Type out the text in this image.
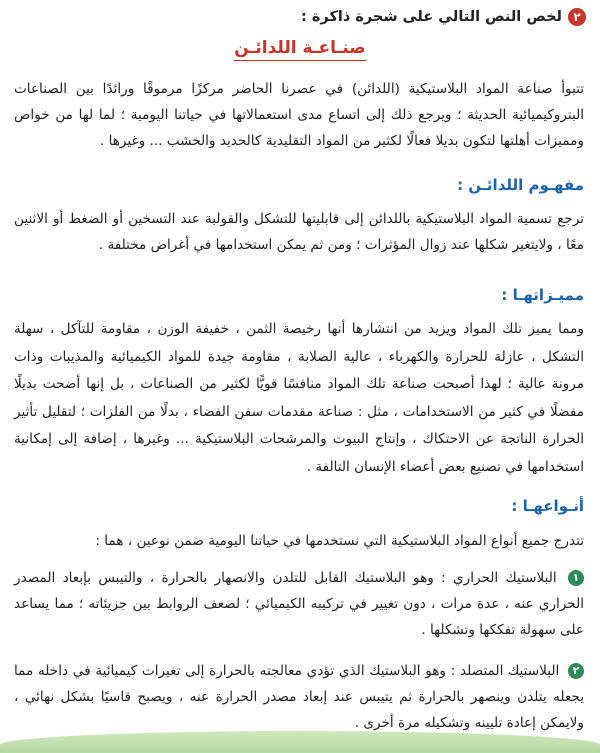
٢
لخص النص التالي على شجرة ذاكرة :
صنـاعـة اللدائـن
تتبوأ صناعة المواد البلاستيكية (اللدائن) في عصرنا الحاضر مركزًا مرموقًا ورائدًا بين الصناعات البتروكيميائية الحديثة ؛ ويرجع ذلك إلى اتساع مدى استعمالاتها في حياتنا اليومية ؛ لما لها من خواص ومميزات أهلتها لتكون بديلا فعالًا لكثير من المواد التقليدية كالحديد والخشب ... وغيرها .
مفهـوم اللدائـن :
ترجع تسمية المواد البلاستيكية باللدائن إلى قابليتها للتشكل والقولبة عند التسخين أو الضغط أو الاثنين معًا ، ولايتغير شكلها عند زوال المؤثرات ؛ ومن ثم يمكن استخدامها في أغراض مختلفة .
مميـزاتهـا :
ومما يميز تلك المواد ويزيد من انتشارها أنها رخيصة الثمن ، خفيفة الوزن ، مقاومة للتآكل ، سهلة التشكل ، عازلة للحرارة والكهرباء ، عالية الصلابة ، مقاومة جيدة للمواد الكيميائية والمذيبات وذات مرونة عالية ؛ لهذا أصبحت صناعة تلك المواد منافسًا قويًّا لكثير من الصناعات ، بل إنها أضحت بديلًا مفضلًا في كثير من الاستخدامات ، مثل : صناعة مقدمات سفن الفضاء ، بدلًا من الفلزات ؛ لتقليل تأثير الحرارة الناتجة عن الاحتكاك ، وإنتاج البيوت والمرشحات البلاستيكية ... وغيرها ، إضافة إلى إمكانية استخدامها في تصنيع بعض أعضاء الإنسان التالفة .
أنـواعهـا :
تتدرج جميع أنواع المواد البلاستيكية التي نستخدمها في حياتنا اليومية ضمن نوعين ، هما :
١ البلاستيك الحراري : وهو البلاستيك القابل للتلدن والانصهار بالحرارة ، والتيبس بإبعاد المصدر الحراري عنه ، عدة مرات ، دون تغيير في تركيبه الكيميائي ؛ لضعف الروابط بين جزيئاته ؛ مما يساعد على سهولة تفككها وتشكلها .
٢ البلاستيك المتصلد : وهو البلاستيك الذي تؤدي معالجته بالحرارة إلى تغيرات كيميائية في داخله مما يجعله يتلدن وينصهر بالحرارة ثم يتيبس عند إبعاد مصدر الحرارة عنه ، ويصبح قاسيًا بشكل نهائي ، ولايمكن إعادة تليينه وتشكيله مرة أخرى .
